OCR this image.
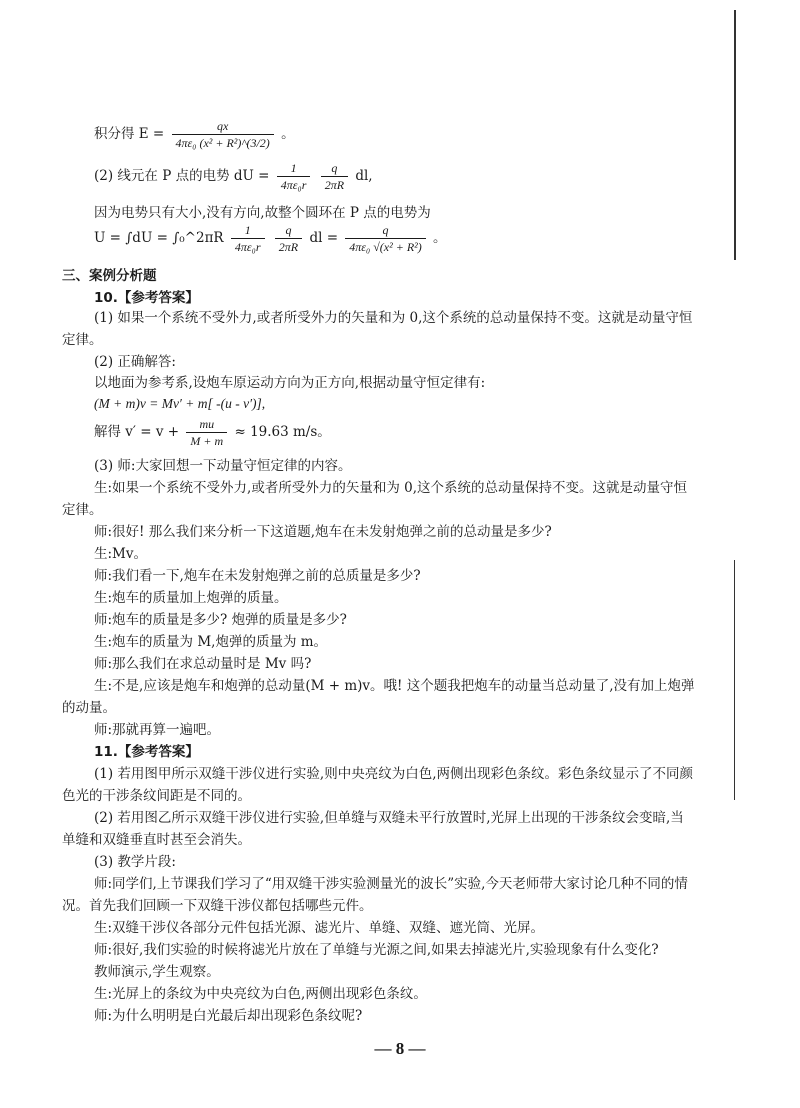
积分得 $E = \frac{qx}{\text{4πε₀ (x² + R²)\textasciicircum{}(3/2)}}$ 。
(2) 线元在 P 点的电势 dU = $\frac{1}{\text{4πε₀r}}$
$\frac{q}{2\pi R}$ dl,
因为电势只有大小,没有方向,故整个圆环在 P 点的电势为
U = ∫dU = ∫₀^2πR $\frac{1}{\text{4πε₀r}}$
$\frac{q}{2\pi R}$ dl = $\frac{q}{\text{4πε₀ √(x² + R²)}}$ 。
三、案例分析题
10.【参考答案】
(1) 如果一个系统不受外力,或者所受外力的矢量和为 0,这个系统的总动量保持不变。这就是动量守恒
定律。
(2) 正确解答:
以地面为参考系,设炮车原运动方向为正方向,根据动量守恒定律有:
(M + m)v = Mv′ + m[ -(u - v′)],
解得 $v' = v + \frac{mu}{M + m} \approx 19.63$ m/s。
(3) 师:大家回想一下动量守恒定律的内容。
生:如果一个系统不受外力,或者所受外力的矢量和为 0,这个系统的总动量保持不变。这就是动量守恒
定律。
师:很好! 那么我们来分析一下这道题,炮车在未发射炮弹之前的总动量是多少?
生:Mv。
师:我们看一下,炮车在未发射炮弹之前的总质量是多少?
生:炮车的质量加上炮弹的质量。
师:炮车的质量是多少? 炮弹的质量是多少?
生:炮车的质量为 M,炮弹的质量为 m。
师:那么我们在求总动量时是 Mv 吗?
生:不是,应该是炮车和炮弹的总动量(M + m)v。哦! 这个题我把炮车的动量当总动量了,没有加上炮弹
的动量。
师:那就再算一遍吧。
11.【参考答案】
(1) 若用图甲所示双缝干涉仪进行实验,则中央亮纹为白色,两侧出现彩色条纹。彩色条纹显示了不同颜
色光的干涉条纹间距是不同的。
(2) 若用图乙所示双缝干涉仪进行实验,但单缝与双缝未平行放置时,光屏上出现的干涉条纹会变暗,当
单缝和双缝垂直时甚至会消失。
(3) 教学片段:
师:同学们,上节课我们学习了“用双缝干涉实验测量光的波长”实验,今天老师带大家讨论几种不同的情
况。首先我们回顾一下双缝干涉仪都包括哪些元件。
生:双缝干涉仪各部分元件包括光源、滤光片、单缝、双缝、遮光筒、光屏。
师:很好,我们实验的时候将滤光片放在了单缝与光源之间,如果去掉滤光片,实验现象有什么变化?
教师演示,学生观察。
生:光屏上的条纹为中央亮纹为白色,两侧出现彩色条纹。
师:为什么明明是白光最后却出现彩色条纹呢?
— 8 —
